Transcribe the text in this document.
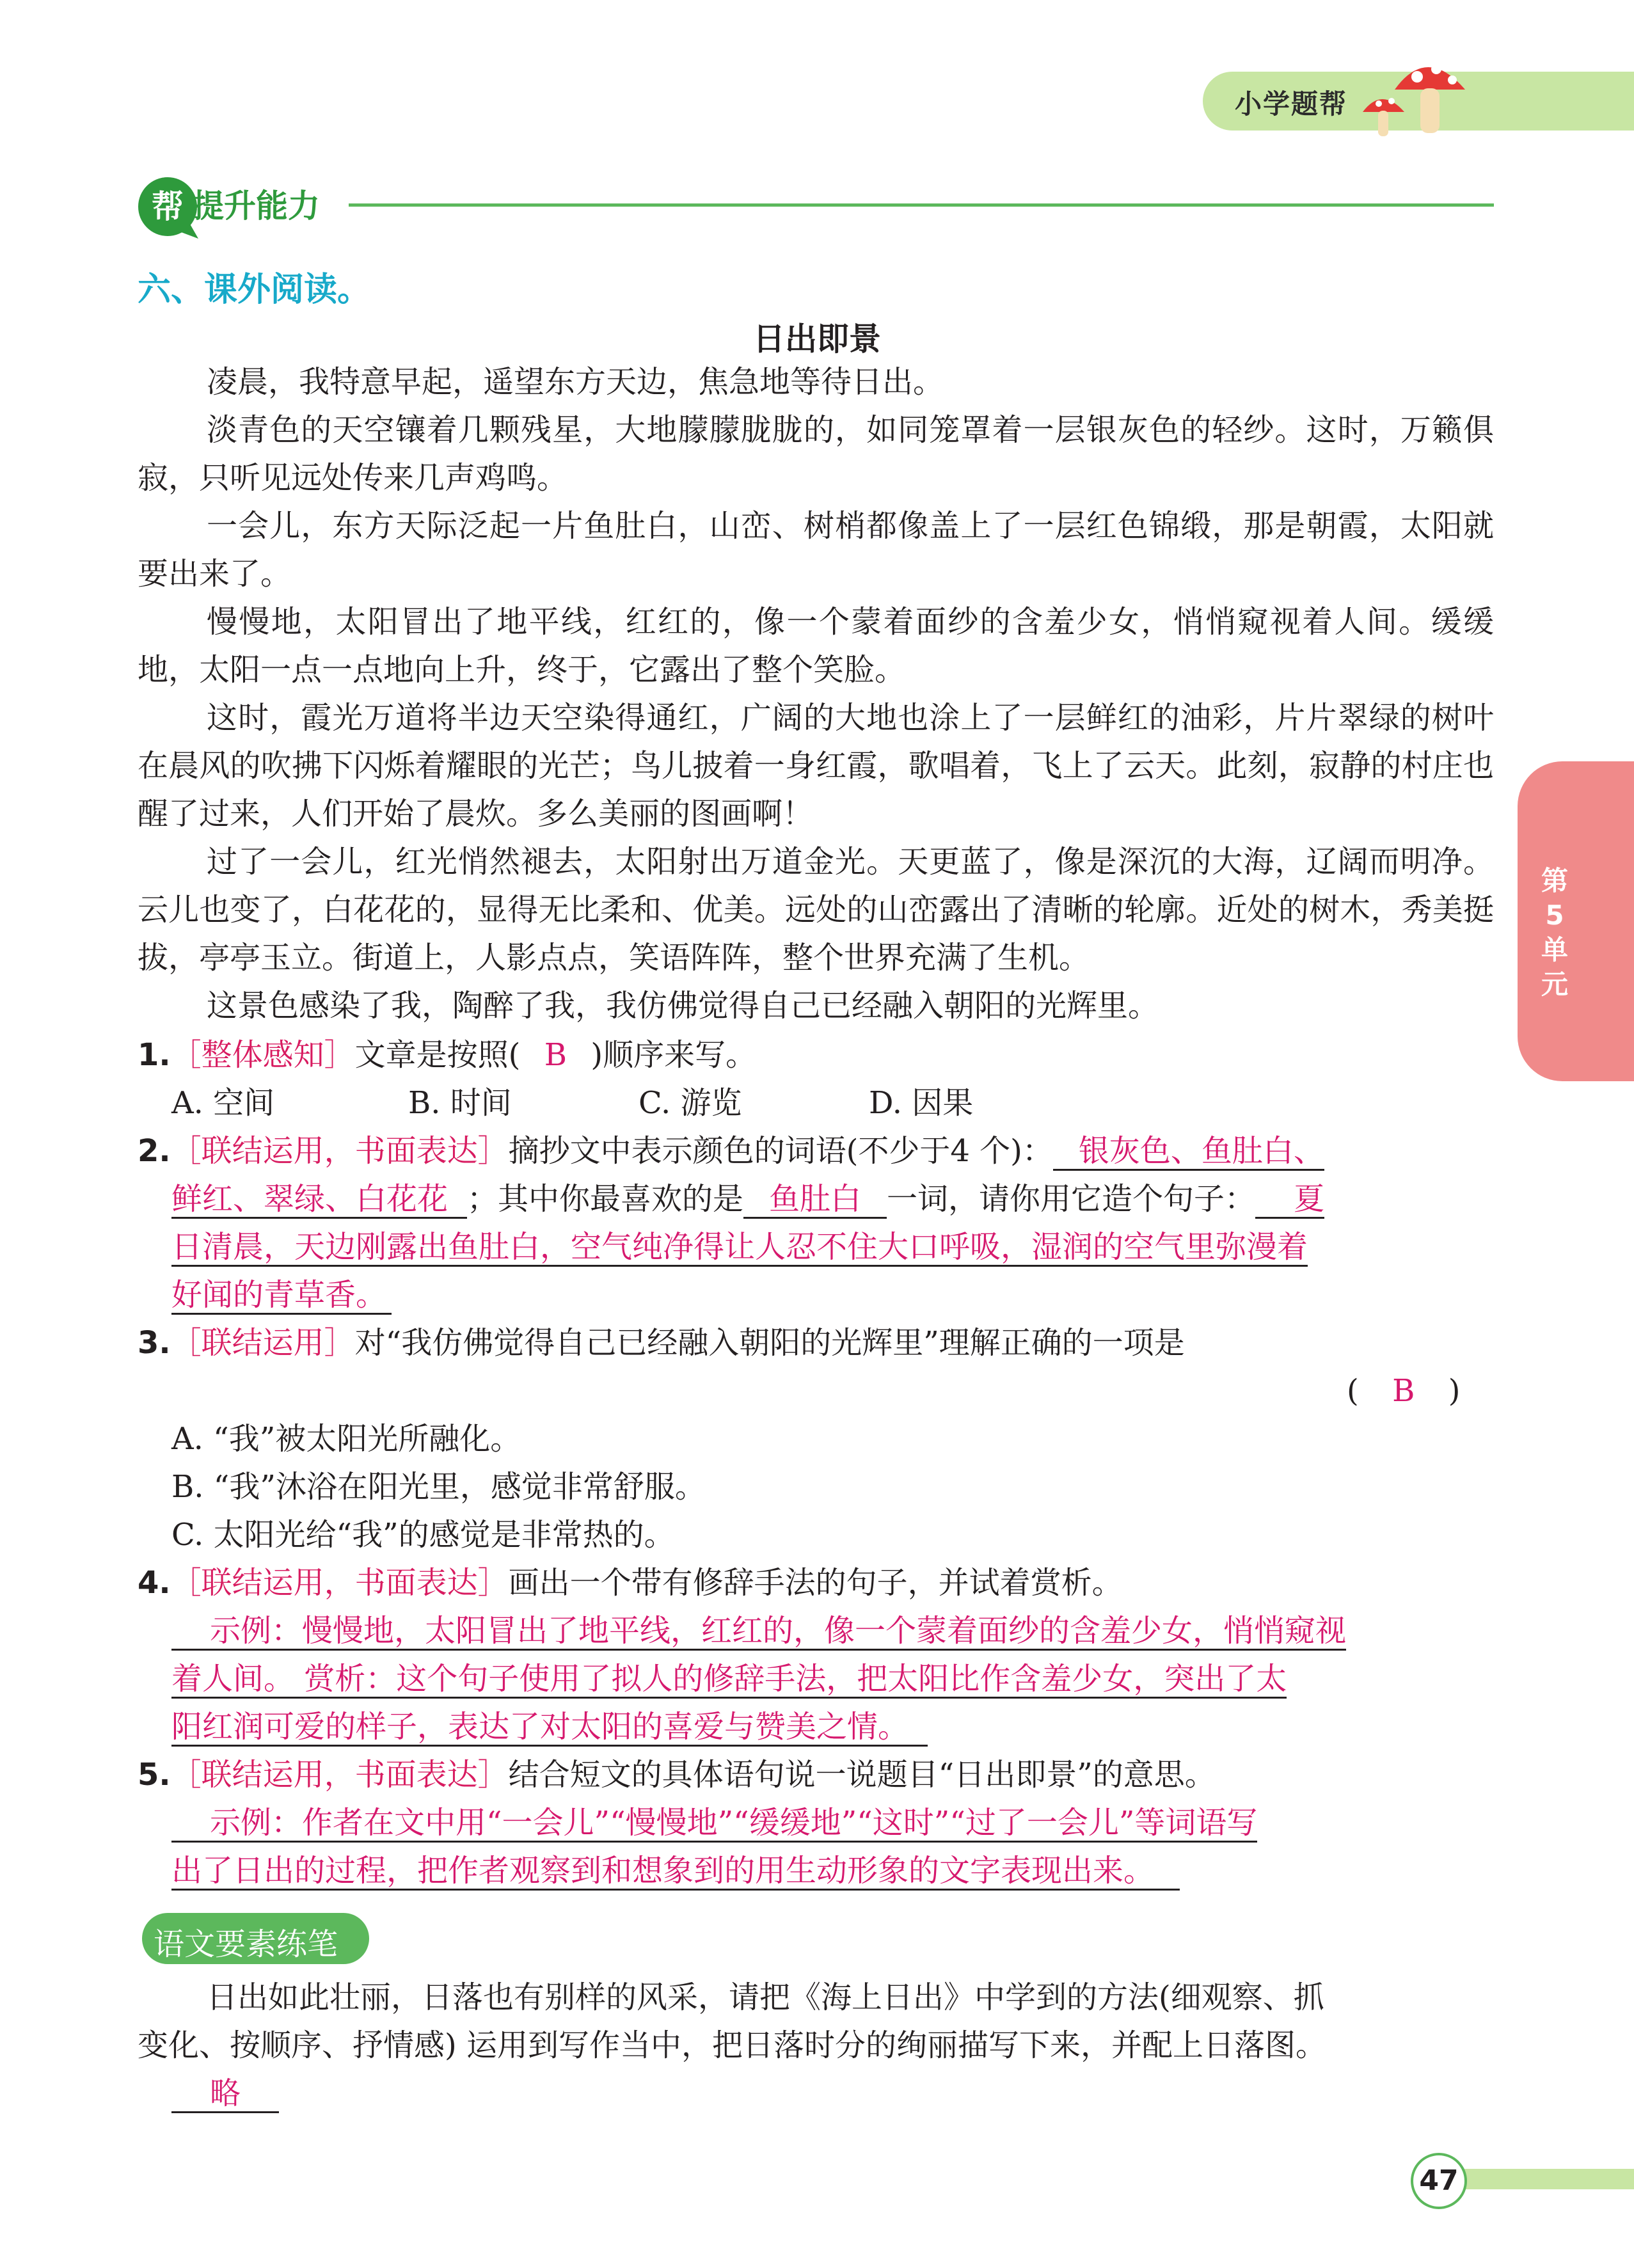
小学题帮
帮 提升能力
第5单元
六、课外阅读。
日出即景
凌晨，我特意早起，遥望东方天边，焦急地等待日出。
淡青色的天空镶着几颗残星，大地朦朦胧胧的，如同笼罩着一层银灰色的轻纱。这时，万籁俱寂，只听见远处传来几声鸡鸣。
一会儿，东方天际泛起一片鱼肚白，山峦、树梢都像盖上了一层红色锦缎，那是朝霞，太阳就要出来了。
慢慢地，太阳冒出了地平线，红红的，像一个蒙着面纱的含羞少女，悄悄窥视着人间。缓缓地，太阳一点一点地向上升，终于，它露出了整个笑脸。
这时，霞光万道将半边天空染得通红，广阔的大地也涂上了一层鲜红的油彩，片片翠绿的树叶在晨风的吹拂下闪烁着耀眼的光芒；鸟儿披着一身红霞，歌唱着，飞上了云天。此刻，寂静的村庄也醒了过来，人们开始了晨炊。多么美丽的图画啊！
过了一会儿，红光悄然褪去，太阳射出万道金光。天更蓝了，像是深沉的大海，辽阔而明净。云儿也变了，白花花的，显得无比柔和、优美。远处的山峦露出了清晰的轮廓。近处的树木，秀美挺拔，亭亭玉立。街道上，人影点点，笑语阵阵，整个世界充满了生机。
这景色感染了我，陶醉了我，我仿佛觉得自己已经融入朝阳的光辉里。
1.［整体感知］文章是按照( B )顺序来写。
A. 空间	B. 时间	C. 游览	D. 因果
2.［联结运用，书面表达］摘抄文中表示颜色的词语(不少于4 个)： 银灰色、鱼肚白、
鲜红、翠绿、白花花 ；其中你最喜欢的是 鱼肚白 一词，请你用它造个句子： 夏
日清晨，天边刚露出鱼肚白，空气纯净得让人忍不住大口呼吸，湿润的空气里弥漫着
好闻的青草香。
3.［联结运用］对“我仿佛觉得自己已经融入朝阳的光辉里”理解正确的一项是
( B )
A. “我”被太阳光所融化。
B. “我”沐浴在阳光里，感觉非常舒服。
C. 太阳光给“我”的感觉是非常热的。
4.［联结运用，书面表达］画出一个带有修辞手法的句子，并试着赏析。
示例：慢慢地，太阳冒出了地平线，红红的，像一个蒙着面纱的含羞少女，悄悄窥视
着人间。 赏析：这个句子使用了拟人的修辞手法，把太阳比作含羞少女，突出了太
阳红润可爱的样子，表达了对太阳的喜爱与赞美之情。
5.［联结运用，书面表达］结合短文的具体语句说一说题目“日出即景”的意思。
示例：作者在文中用“一会儿”“慢慢地”“缓缓地”“这时”“过了一会儿”等词语写
出了日出的过程，把作者观察到和想象到的用生动形象的文字表现出来。
语文要素练笔
日出如此壮丽，日落也有别样的风采，请把《海上日出》中学到的方法(细观察、抓
变化、按顺序、抒情感) 运用到写作当中，把日落时分的绚丽描写下来，并配上日落图。
略
47
